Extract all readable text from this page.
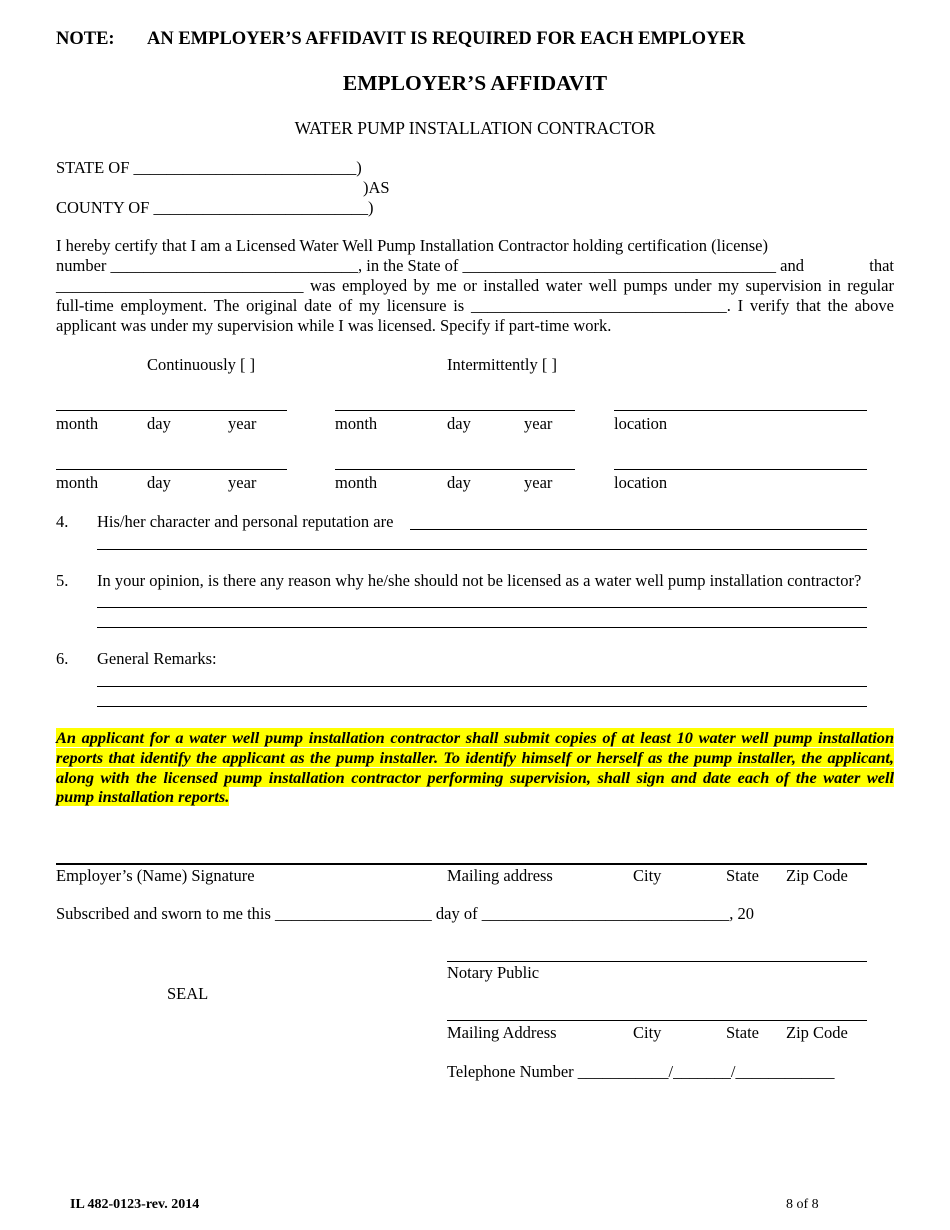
NOTE: AN EMPLOYER’S AFFIDAVIT IS REQUIRED FOR EACH EMPLOYER
EMPLOYER’S AFFIDAVIT
WATER PUMP INSTALLATION CONTRACTOR
STATE OF ___________________________)
)AS
COUNTY OF __________________________)
I hereby certify that I am a Licensed Water Well Pump Installation Contractor holding certification (license)
number ______________________________, in the State of ______________________________________ and	that
______________________________ was employed by me or installed water well pumps under my supervision in regular
full-time employment. The original date of my licensure is _______________________________. I verify that the above
applicant was under my supervision while I was licensed. Specify if part-time work.
Continuously [ ]	Intermittently [ ]
month	day	year	month	day	year	location
month	day	year	month	day	year	location
4. His/her character and personal reputation are
5. In your opinion, is there any reason why he/she should not be licensed as a water well pump installation contractor?
6. General Remarks:

An applicant for a water well pump installation contractor shall submit copies of at least 10 water well pump installation reports that identify the applicant as the pump installer. To identify himself or herself as the pump installer, the applicant, along with the licensed pump installation contractor performing supervision, shall sign and date each of the water well pump installation reports.

Employer’s (Name) Signature	Mailing address	City	State Zip Code
Subscribed and sworn to me this ___________________ day of ______________________________, 20
Notary Public
SEAL
Mailing Address	City	State Zip Code
Telephone Number ___________/_______/____________
IL 482-0123-rev. 2014	8 of 8
